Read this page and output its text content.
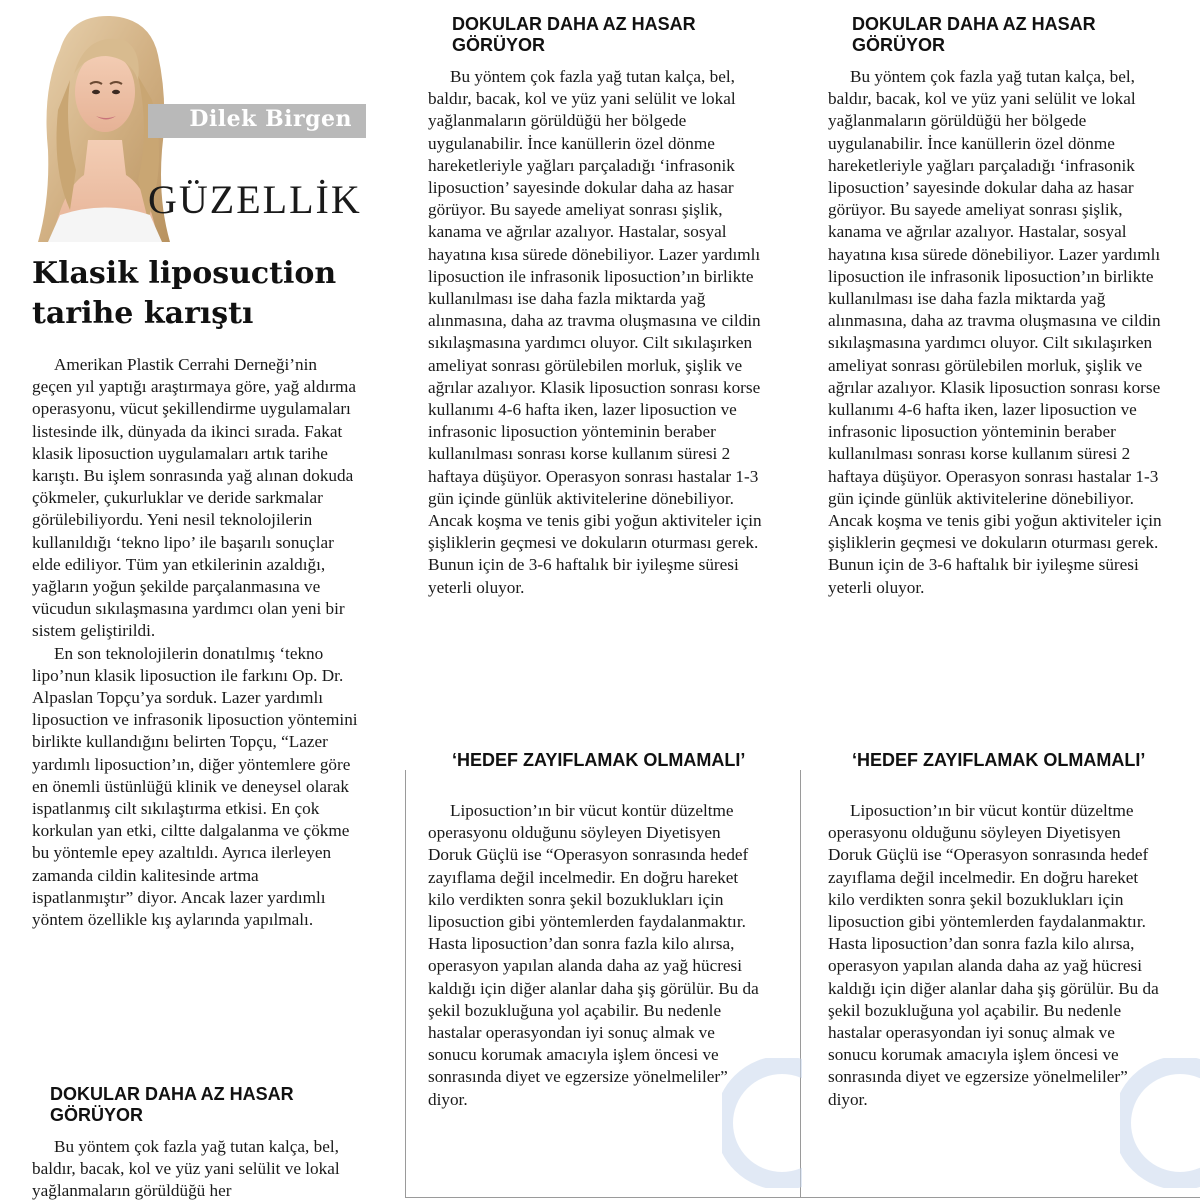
Dilek Birgen
GÜZELLİK
Klasik liposuction
tarihe karıştı

Amerikan Plastik Cerrahi Derneği’nin geçen yıl yaptığı araştırmaya göre, yağ aldırma operasyonu, vücut şekillendirme uygulamaları listesinde ilk, dünyada da ikinci sırada. Fakat klasik liposuction uygulamaları artık tarihe karıştı. Bu işlem sonrasında yağ alınan dokuda çökmeler, çukurluklar ve deride sarkmalar görülebiliyordu. Yeni nesil teknolojilerin kullanıldığı ‘tekno lipo’ ile başarılı sonuçlar elde ediliyor. Tüm yan etkilerinin azaldığı, yağların yoğun şekilde parçalanmasına ve vücudun sıkılaşmasına yardımcı olan yeni bir sistem geliştirildi.

En son teknolojilerin donatılmış ‘tekno lipo’nun klasik liposuction ile farkını Op. Dr. Alpaslan Topçu’ya sorduk. Lazer yardımlı liposuction ve infrasonik liposuction yöntemini birlikte kullandığını belirten Topçu, “Lazer yardımlı liposuction’ın, diğer yöntemlere göre en önemli üstünlüğü klinik ve deneysel olarak ispatlanmış cilt sıkılaştırma etkisi. En çok korkulan yan etki, ciltte dalgalanma ve çökme bu yöntemle epey azaltıldı. Ayrıca ilerleyen zamanda cildin kalitesinde artma ispatlanmıştır” diyor. Ancak lazer yardımlı yöntem özellikle kış aylarında yapılmalı.

DOKULAR DAHA AZ HASAR GÖRÜYOR

Bu yöntem çok fazla yağ tutan kalça, bel, baldır, bacak, kol ve yüz yani selülit ve lokal yağlanmaların görüldüğü her

DOKULAR DAHA AZ HASAR GÖRÜYOR

Bu yöntem çok fazla yağ tutan kalça, bel, baldır, bacak, kol ve yüz yani selülit ve lokal yağlanmaların görüldüğü her bölgede uygulanabilir. İnce kanüllerin özel dönme hareketleriyle yağları parçaladığı ‘infrasonik liposuction’ sayesinde dokular daha az hasar görüyor. Bu sayede ameliyat sonrası şişlik, kanama ve ağrılar azalıyor. Hastalar, sosyal hayatına kısa sürede dönebiliyor. Lazer yardımlı liposuction ile infrasonik liposuction’ın birlikte kullanılması ise daha fazla miktarda yağ alınmasına, daha az travma oluşmasına ve cildin sıkılaşmasına yardımcı oluyor. Cilt sıkılaşırken ameliyat sonrası görülebilen morluk, şişlik ve ağrılar azalıyor. Klasik liposuction sonrası korse kullanımı 4-6 hafta iken, lazer liposuction ve infrasonic liposuction yönteminin beraber kullanılması sonrası korse kullanım süresi 2 haftaya düşüyor. Operasyon sonrası hastalar 1-3 gün içinde günlük aktivitelerine dönebiliyor. Ancak koşma ve tenis gibi yoğun aktiviteler için şişliklerin geçmesi ve dokuların oturması gerek. Bunun için de 3-6 haftalık bir iyileşme süresi yeterli oluyor.

‘HEDEF ZAYIFLAMAK OLMAMALI’

Liposuction’ın bir vücut kontür düzeltme operasyonu olduğunu söyleyen Diyetisyen Doruk Güçlü ise “Operasyon sonrasında hedef zayıflama değil incelmedir. En doğru hareket kilo verdikten sonra şekil bozuklukları için liposuction gibi yöntemlerden faydalanmaktır. Hasta liposuction’dan sonra fazla kilo alırsa, operasyon yapılan alanda daha az yağ hücresi kaldığı için diğer alanlar daha şiş görülür. Bu da şekil bozukluğuna yol açabilir. Bu nedenle hastalar operasyondan iyi sonuç almak ve sonucu korumak amacıyla işlem öncesi ve sonrasında diyet ve egzersize yönelmeliler” diyor.

DOKULAR DAHA AZ HASAR GÖRÜYOR

Bu yöntem çok fazla yağ tutan kalça, bel, baldır, bacak, kol ve yüz yani selülit ve lokal yağlanmaların görüldüğü her bölgede uygulanabilir. İnce kanüllerin özel dönme hareketleriyle yağları parçaladığı ‘infrasonik liposuction’ sayesinde dokular daha az hasar görüyor. Bu sayede ameliyat sonrası şişlik, kanama ve ağrılar azalıyor. Hastalar, sosyal hayatına kısa sürede dönebiliyor. Lazer yardımlı liposuction ile infrasonik liposuction’ın birlikte kullanılması ise daha fazla miktarda yağ alınmasına, daha az travma oluşmasına ve cildin sıkılaşmasına yardımcı oluyor. Cilt sıkılaşırken ameliyat sonrası görülebilen morluk, şişlik ve ağrılar azalıyor. Klasik liposuction sonrası korse kullanımı 4-6 hafta iken, lazer liposuction ve infrasonic liposuction yönteminin beraber kullanılması sonrası korse kullanım süresi 2 haftaya düşüyor. Operasyon sonrası hastalar 1-3 gün içinde günlük aktivitelerine dönebiliyor. Ancak koşma ve tenis gibi yoğun aktiviteler için şişliklerin geçmesi ve dokuların oturması gerek. Bunun için de 3-6 haftalık bir iyileşme süresi yeterli oluyor.

‘HEDEF ZAYIFLAMAK OLMAMALI’

Liposuction’ın bir vücut kontür düzeltme operasyonu olduğunu söyleyen Diyetisyen Doruk Güçlü ise “Operasyon sonrasında hedef zayıflama değil incelmedir. En doğru hareket kilo verdikten sonra şekil bozuklukları için liposuction gibi yöntemlerden faydalanmaktır. Hasta liposuction’dan sonra fazla kilo alırsa, operasyon yapılan alanda daha az yağ hücresi kaldığı için diğer alanlar daha şiş görülür. Bu da şekil bozukluğuna yol açabilir. Bu nedenle hastalar operasyondan iyi sonuç almak ve sonucu korumak amacıyla işlem öncesi ve sonrasında diyet ve egzersize yönelmeliler” diyor.
